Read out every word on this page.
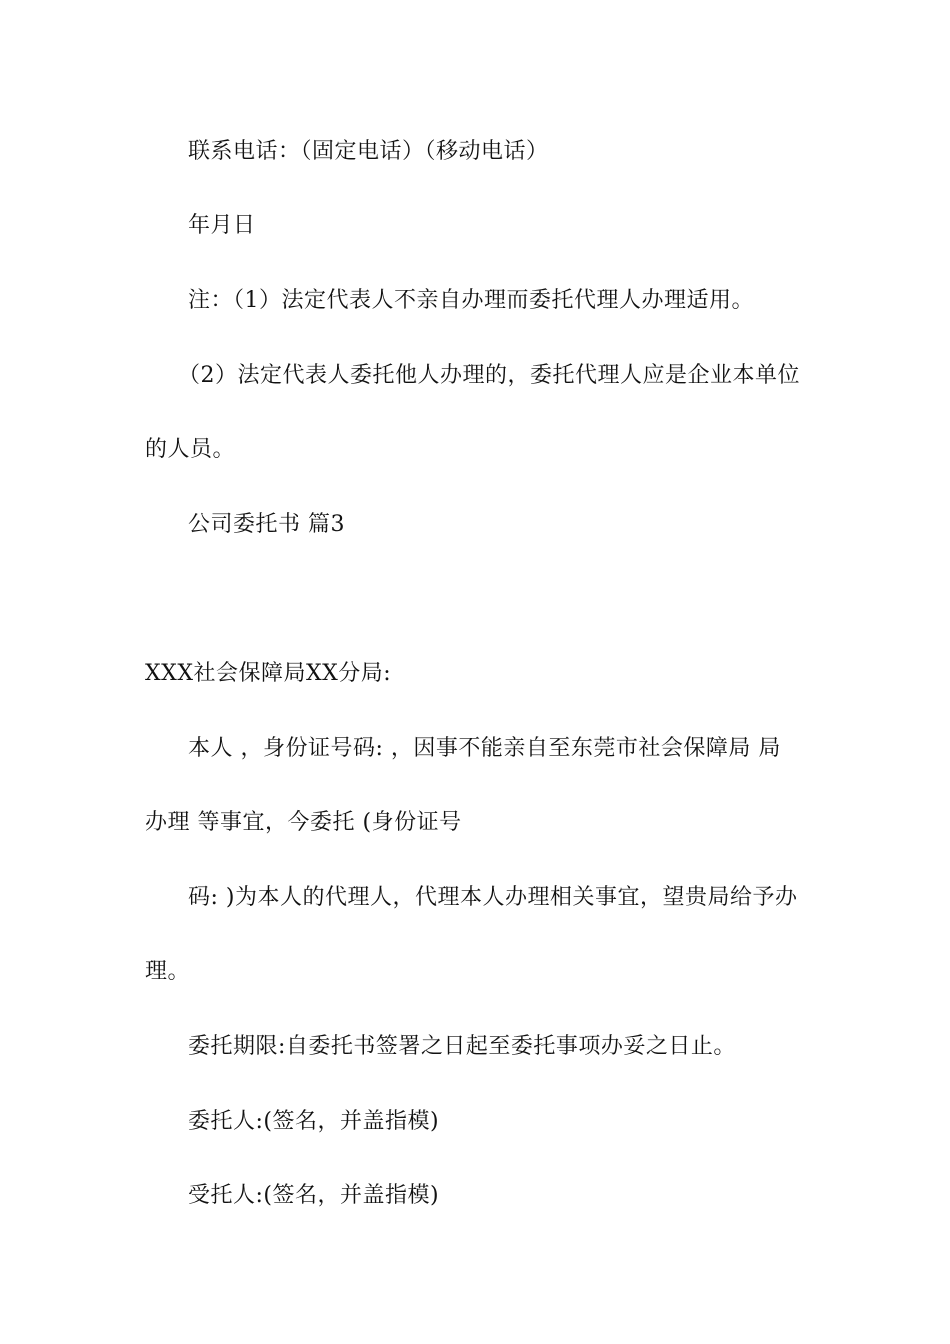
联系电话：（固定电话）（移动电话）
年月日
注：（1）法定代表人不亲自办理而委托代理人办理适用。
（2）法定代表人委托他人办理的，委托代理人应是企业本单位
的人员。
公司委托书 篇3
XXX社会保障局XX分局:
本人 ，身份证号码: ，因事不能亲自至东莞市社会保障局 局
办理 等事宜，今委托 (身份证号
码: )为本人的代理人，代理本人办理相关事宜，望贵局给予办
理。
委托期限:自委托书签署之日起至委托事项办妥之日止。
委托人:(签名，并盖指模)
受托人:(签名，并盖指模)
